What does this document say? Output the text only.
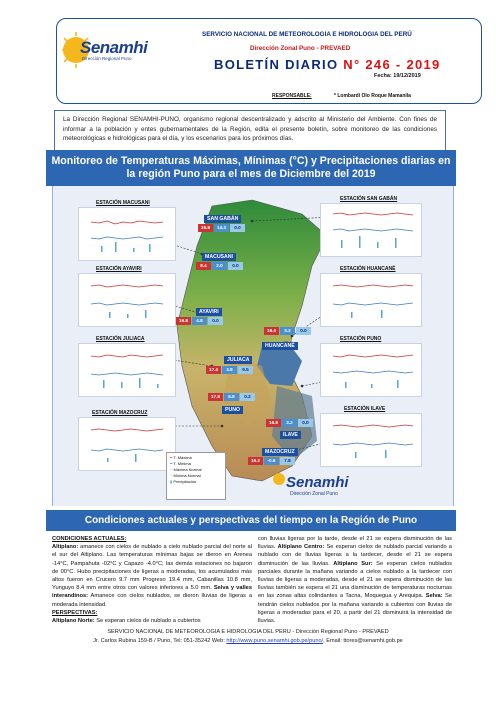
Senamhi
Dirección Regional Puno
SERVICIO NACIONAL DE METEOROLOGIA E HIDROLOGIA DEL PERÚ
Dirección Zonal Puno - PREVAED
BOLETÍN DIARIO N° 246 - 2019
Fecha: 19/12/2019
RESPONSABLE:	* Lombardi Olo Roque Mamanila
La Dirección Regional SENAMHI-PUNO, organismo regional descentralizado y adscrito al Ministerio del Ambiente. Con fines de informar a la población y entes gubernamentales de la Región, edita el presente boletín, sobre monitoreo de las condiciones meteorológicas e hidrológicas para el día, y los escenarios para los próximos días.
Monitoreo de Temperaturas Máximas, Mínimas (°C) y Precipitaciones diarias en la región Puno para el mes de Diciembre del 2019
ESTACIÓN MACUSANI
ESTACIÓN AYAVIRI
ESTACIÓN JULIACA
ESTACIÓN MAZOCRUZ
ESTACIÓN SAN GABÁN
ESTACIÓN HUANCANÉ
ESTACIÓN PUNO
ESTACIÓN ILAVE
SAN GABÁN
25.8	14.3	0.0
MACUSANI
8.4	2.0	0.0
AYAVIRI
16.8	4.8	0.0
16.4	3.2	0.0
HUANCANÉ
JULIACA
17.4	3.8	9.5
17.8	6.8	0.2
PUNO
16.8	3.2	0.0
ILAVE
MAZOCRUZ
16.2	-0.6	7.8
━ T. Máxima
━ T. Mínima
┄ Máxima Normal
┄ Mínima Normal
▮ Precipitación	Senamhi
Dirección Zonal Puno
Condiciones actuales y perspectivas del tiempo en la Región de Puno
CONDICIONES ACTUALES:
Altiplano: amanece con cielos de nublado a cielo nublado parcial del norte al el sur del Altiplano. Las temperaturas mínimas bajas se dieron en Arenea -14°C, Pampahuta -02°C y Capazo -4.0°C; las demás estaciones no bajaron de 00°C. Hubo precipitaciones de ligeras a moderadas, los acumulados más altos fueron en Crucero 9.7 mm Progreso 19.4 mm, Cabanillas 10.8 mm, Yunguyo 8.4 mm entre otros con valores inferiores a 5.0 mm. Selva y valles interandinos: Amanece con cielos nublados, se dieron lluvias de ligeras a moderada intensidad.
PERSPECTIVAS:
Altiplano Norte: Se esperan cielos de nublado a cubiertos
con lluvias ligeras por la tarde, desde el 21 se espera disminución de las lluvias. Altiplano Centro: Se esperan cielos de nublado parcial variando a nublado con de lluvias ligeras a la tardecer, desde el 21 se espera disminución de las lluvias. Altiplano Sur: Se esperan cielos nublados parciales durante la mañana variando a cielos nublado a la tardecer con lluvias de ligeras a moderadas, desde el 21 se espera disminución de las lluvias también se espera el 21 una disminución de temperaturas nocturnas en las zonas altas colindantes a Tacna, Moquegua y Arequipa. Selva: Se tendrán cielos nublados por la mañana variando a cubiertos con lluvias de ligeras a moderadas para el 20, a partir del 21 disminuirá la intensidad de lluvias.
SERVICIO NACIONAL DE METEOROLOGIA E HIDROLOGIA DEL PERU - Dirección Regional Puno - PREVAED
Jr. Carlos Rubina 159-B / Puno, Tel: 051-35242 Web: http://www.puno.senamhi.gob.pe/puno/, Email: ttores@senamhi.gob.pe
